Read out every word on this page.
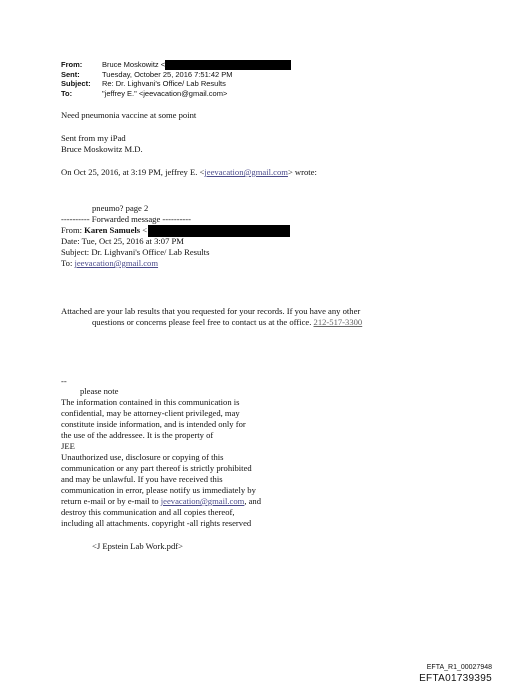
From:	Bruce Moskowitz <
Sent:	Tuesday, October 25, 2016 7:51:42 PM
Subject:	Re: Dr. Lighvani's Office/ Lab Results
To:	"jeffrey E." <jeevacation@gmail.com>
Need pneumonia vaccine at some point
Sent from my iPad
Bruce Moskowitz M.D.
On Oct 25, 2016, at 3:19 PM, jeffrey E. <jeevacation@gmail.com> wrote:
pneumo? page 2
---------- Forwarded message ----------
From: Karen Samuels <
Date: Tue, Oct 25, 2016 at 3:07 PM
Subject: Dr. Lighvani's Office/ Lab Results
To: jeevacation@gmail.com
Attached are your lab results that you requested for your records. If you have any other
questions or concerns please feel free to contact us at the office. 212-517-3300
--
please note
The information contained in this communication is
confidential, may be attorney-client privileged, may
constitute inside information, and is intended only for
the use of the addressee. It is the property of
JEE
Unauthorized use, disclosure or copying of this
communication or any part thereof is strictly prohibited
and may be unlawful. If you have received this
communication in error, please notify us immediately by
return e-mail or by e-mail to jeevacation@gmail.com, and
destroy this communication and all copies thereof,
including all attachments. copyright -all rights reserved
<J Epstein Lab Work.pdf>
EFTA_R1_00027948
EFTA01739395
